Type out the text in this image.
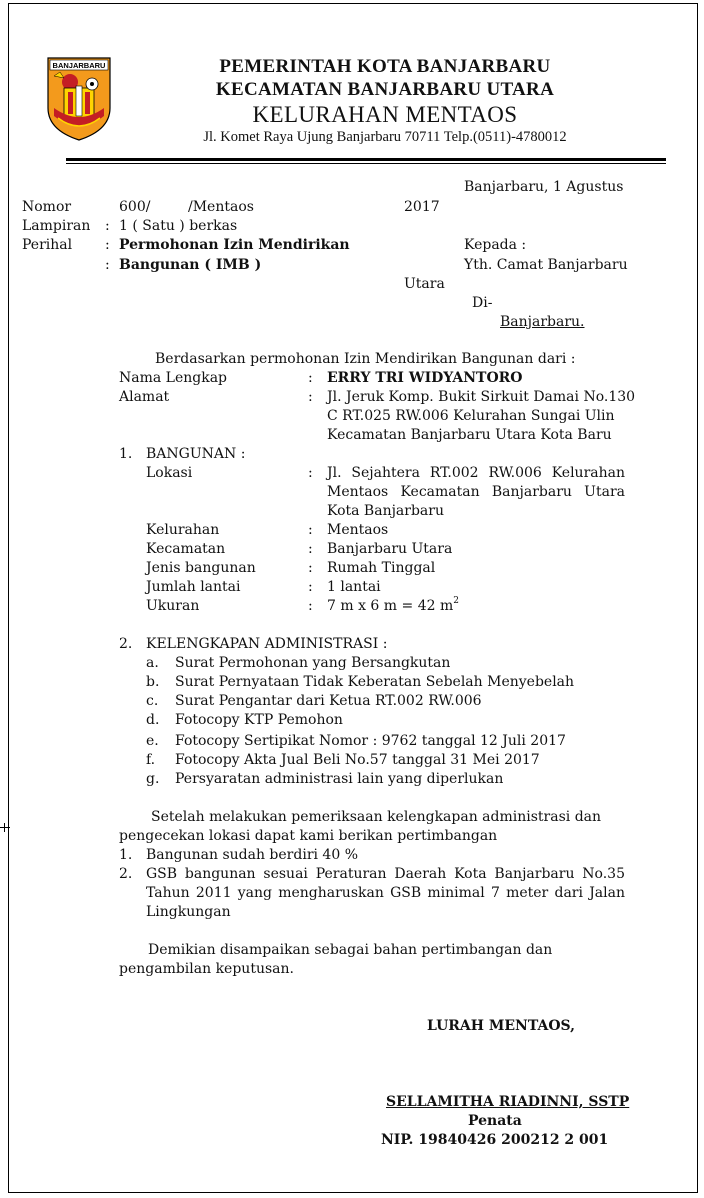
BANJARBARU	PEMERINTAH KOTA BANJARBARU
KECAMATAN BANJARBARU UTARA
KELURAHAN MENTAOS
Jl. Komet Raya Ujung Banjarbaru 70711 Telp.(0511)-4780012
Banjarbaru, 1 Agustus
2017
Nomor	600/	/Mentaos
Lampiran : 1 ( Satu ) berkas
Perihal : Permohonan Izin Mendirikan
: Bangunan ( IMB )
Kepada :
Yth. Camat Banjarbaru
Utara
Di-
Banjarbaru.
Berdasarkan permohonan Izin Mendirikan Bangunan dari :
Nama Lengkap	: ERRY TRI WIDYANTORO
Alamat	: Jl. Jeruk Komp. Bukit Sirkuit Damai No.130
C RT.025 RW.006 Kelurahan Sungai Ulin
Kecamatan Banjarbaru Utara Kota Baru
1. BANGUNAN :
Lokasi	: Jl. Sejahtera RT.002 RW.006 Kelurahan
Mentaos Kecamatan Banjarbaru Utara
Kota Banjarbaru
Kelurahan	: Mentaos
Kecamatan	: Banjarbaru Utara
Jenis bangunan	: Rumah Tinggal
Jumlah lantai	: 1 lantai
Ukuran	: 7 m x 6 m = 42 $m^2$
2. KELENGKAPAN ADMINISTRASI :
a. Surat Permohonan yang Bersangkutan
b. Surat Pernyataan Tidak Keberatan Sebelah Menyebelah
c. Surat Pengantar dari Ketua RT.002 RW.006
d. Fotocopy KTP Pemohon
e. Fotocopy Sertipikat Nomor : 9762 tanggal 12 Juli 2017
f. Fotocopy Akta Jual Beli No.57 tanggal 31 Mei 2017
g. Persyaratan administrasi lain yang diperlukan
Setelah melakukan pemeriksaan kelengkapan administrasi dan
pengecekan lokasi dapat kami berikan pertimbangan
1. Bangunan sudah berdiri 40 %
2. GSB bangunan sesuai Peraturan Daerah Kota Banjarbaru No.35
Tahun 2011 yang mengharuskan GSB minimal 7 meter dari Jalan
Lingkungan
Demikian disampaikan sebagai bahan pertimbangan dan
pengambilan keputusan.
LURAH MENTAOS,
SELLAMITHA RIADINNI, SSTP
Penata
NIP. 19840426 200212 2 001
